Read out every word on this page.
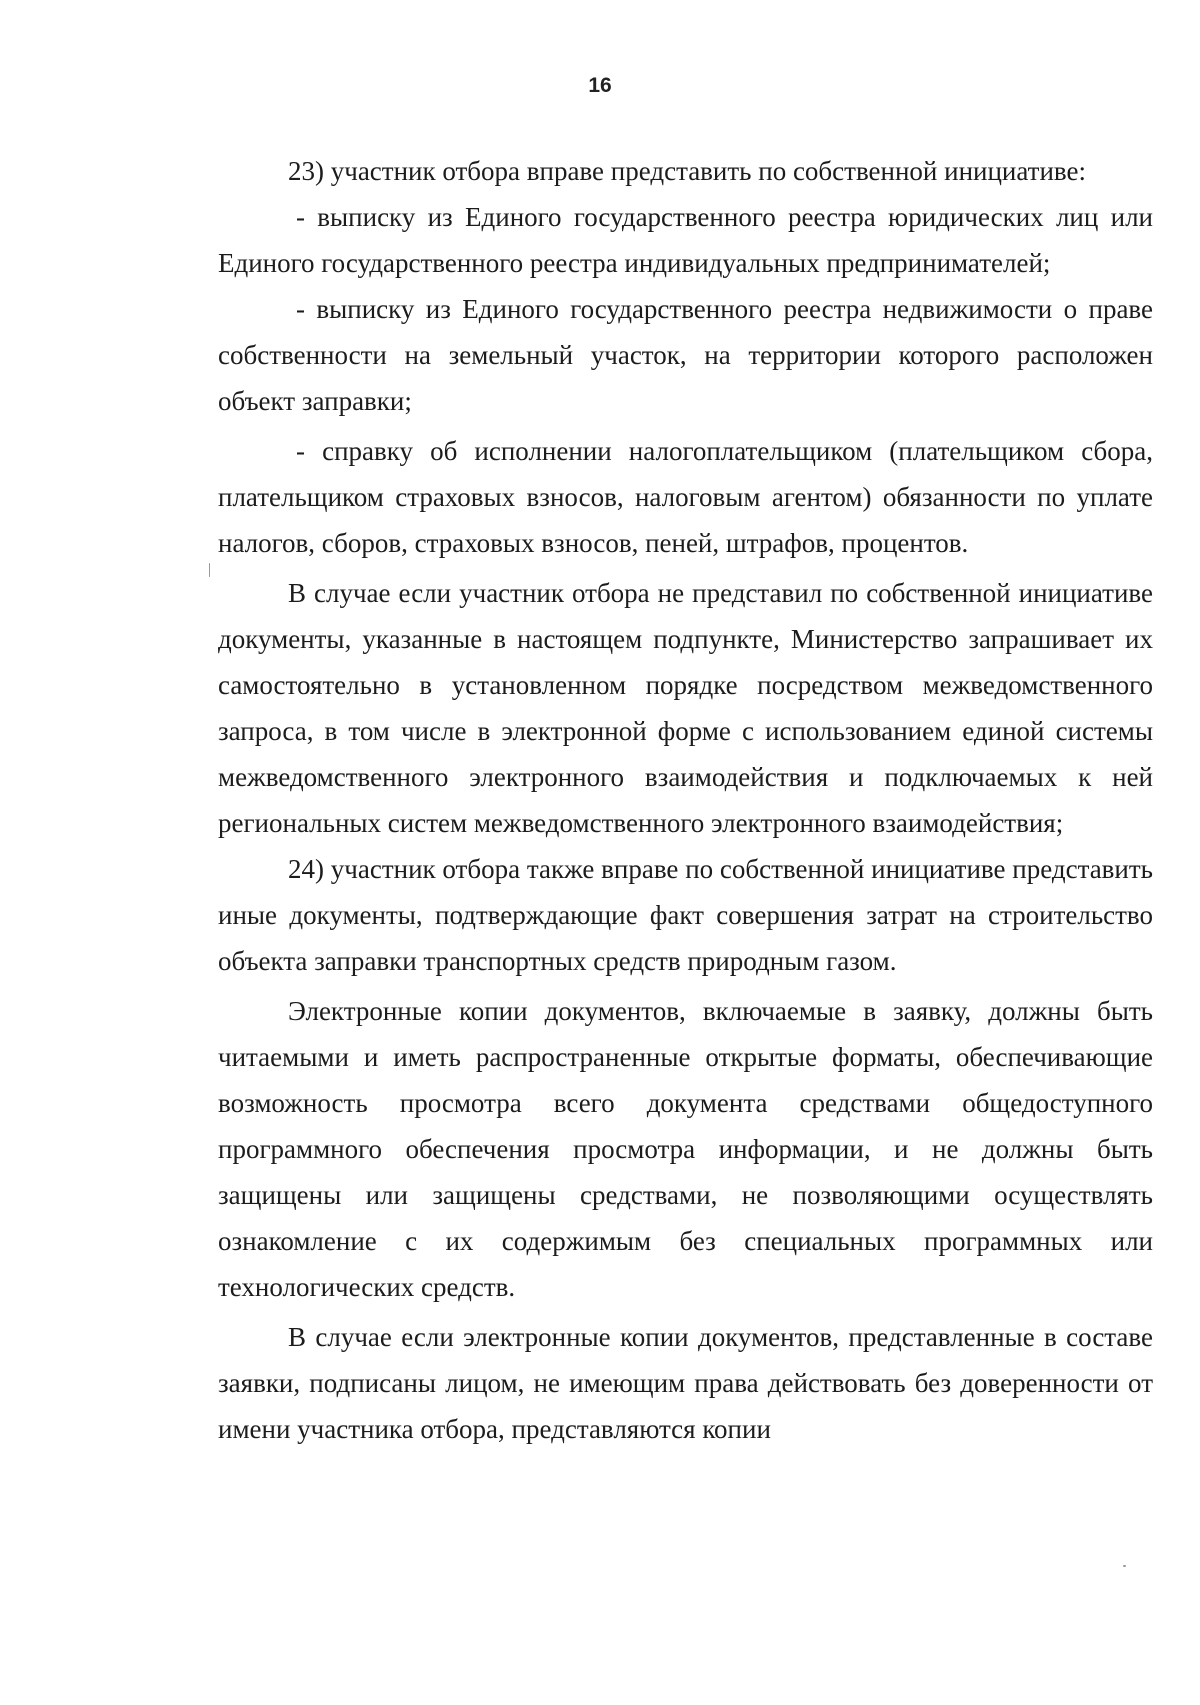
16

23) участник отбора вправе представить по собственной инициативе:

- выписку из Единого государственного реестра юридических лиц или Единого государственного реестра индивидуальных предпринимателей;

- выписку из Единого государственного реестра недвижимости о праве собственности на земельный участок, на территории которого расположен объект заправки;

- справку об исполнении налогоплательщиком (плательщиком сбора, плательщиком страховых взносов, налоговым агентом) обязанности по уплате налогов, сборов, страховых взносов, пеней, штрафов, процентов.

В случае если участник отбора не представил по собственной инициативе документы, указанные в настоящем подпункте, Министерство запрашивает их самостоятельно в установленном порядке посредством межведомственного запроса, в том числе в электронной форме с использованием единой системы межведомственного электронного взаимодействия и подключаемых к ней региональных систем межведомственного электронного взаимодействия;

24) участник отбора также вправе по собственной инициативе представить иные документы, подтверждающие факт совершения затрат на строительство объекта заправки транспортных средств природным газом.

Электронные копии документов, включаемые в заявку, должны быть читаемыми и иметь распространенные открытые форматы, обеспечивающие возможность просмотра всего документа средствами общедоступного программного обеспечения просмотра информации, и не должны быть защищены или защищены средствами, не позволяющими осуществлять ознакомление с их содержимым без специальных программных или технологических средств.

В случае если электронные копии документов, представленные в составе заявки, подписаны лицом, не имеющим права действовать без доверенности от имени участника отбора, представляются копии
